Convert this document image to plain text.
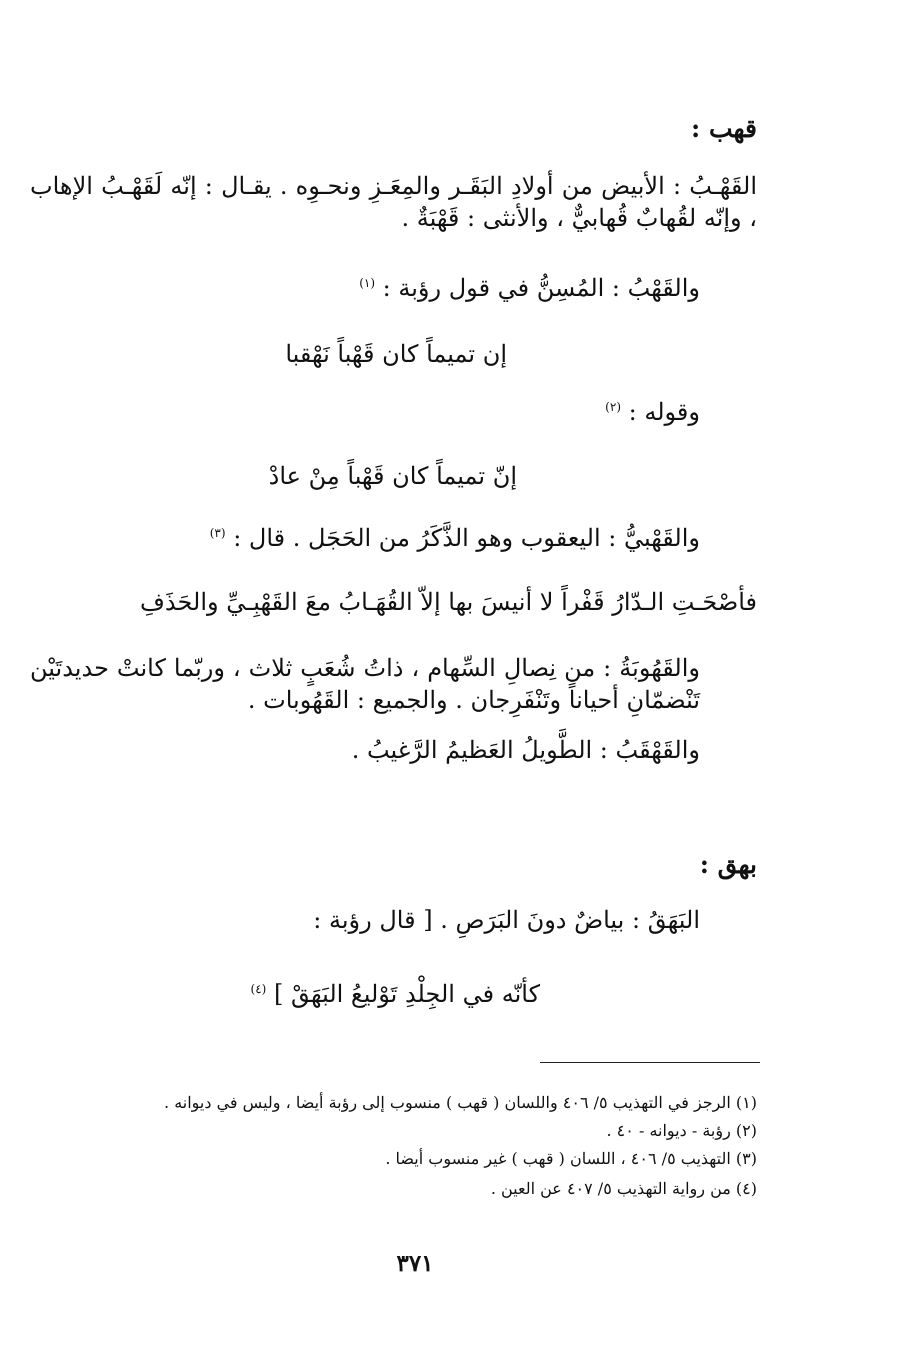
قهب :
القَهْـبُ : الأبيض من أولادِ البَقَـر والمِعَـزِ ونحـوِه . يقـال : إنّه لَقَهْـبُ الإهاب ، وإنّه لقُهابٌ قُهابيٌّ ، والأنثى : قَهْبَةٌ .
والقَهْبُ : المُسِنُّ في قول رؤبة : $^{(١)}$
إن تميماً كان قَهْباً نَهْقبا
وقوله : $^{(٢)}$
إنّ تميماً كان قَهْباً مِنْ عادْ
والقَهْبيُّ : اليعقوب وهو الذَّكَرُ من الحَجَل . قال : $^{(٣)}$
فأصْحَـتِ الـدّارُ قَفْراً لا أنيسَ بها إلاّ القُهَـابُ معَ القَهْبِـيِّ والحَذَفِ
والقَهُوبَةُ : من نِصالِ السِّهام ، ذاتُ شُعَبٍ ثلاث ، وربّما كانتْ حديدتَيْن تَنْضمّانِ أحياناً وتَنْفَرِجان . والجميع : القَهُوبات .
والقَهْقَبُ : الطَّويلُ العَظيمُ الرَّغيبُ .
بهق :
البَهَقُ : بياضٌ دونَ البَرَصِ . [ قال رؤبة :
كأنّه في الجِلْدِ تَوْليعُ البَهَقْ ] $^{(٤)}$
(١) الرجز في التهذيب ٥/ ٤٠٦ واللسان ( قهب ) منسوب إلى رؤبة أيضا ، وليس في ديوانه .
(٢) رؤبة - ديوانه - ٤٠ .
(٣) التهذيب ٥/ ٤٠٦ ، اللسان ( قهب ) غير منسوب أيضا .
(٤) من رواية التهذيب ٥/ ٤٠٧ عن العين .
٣٧١
